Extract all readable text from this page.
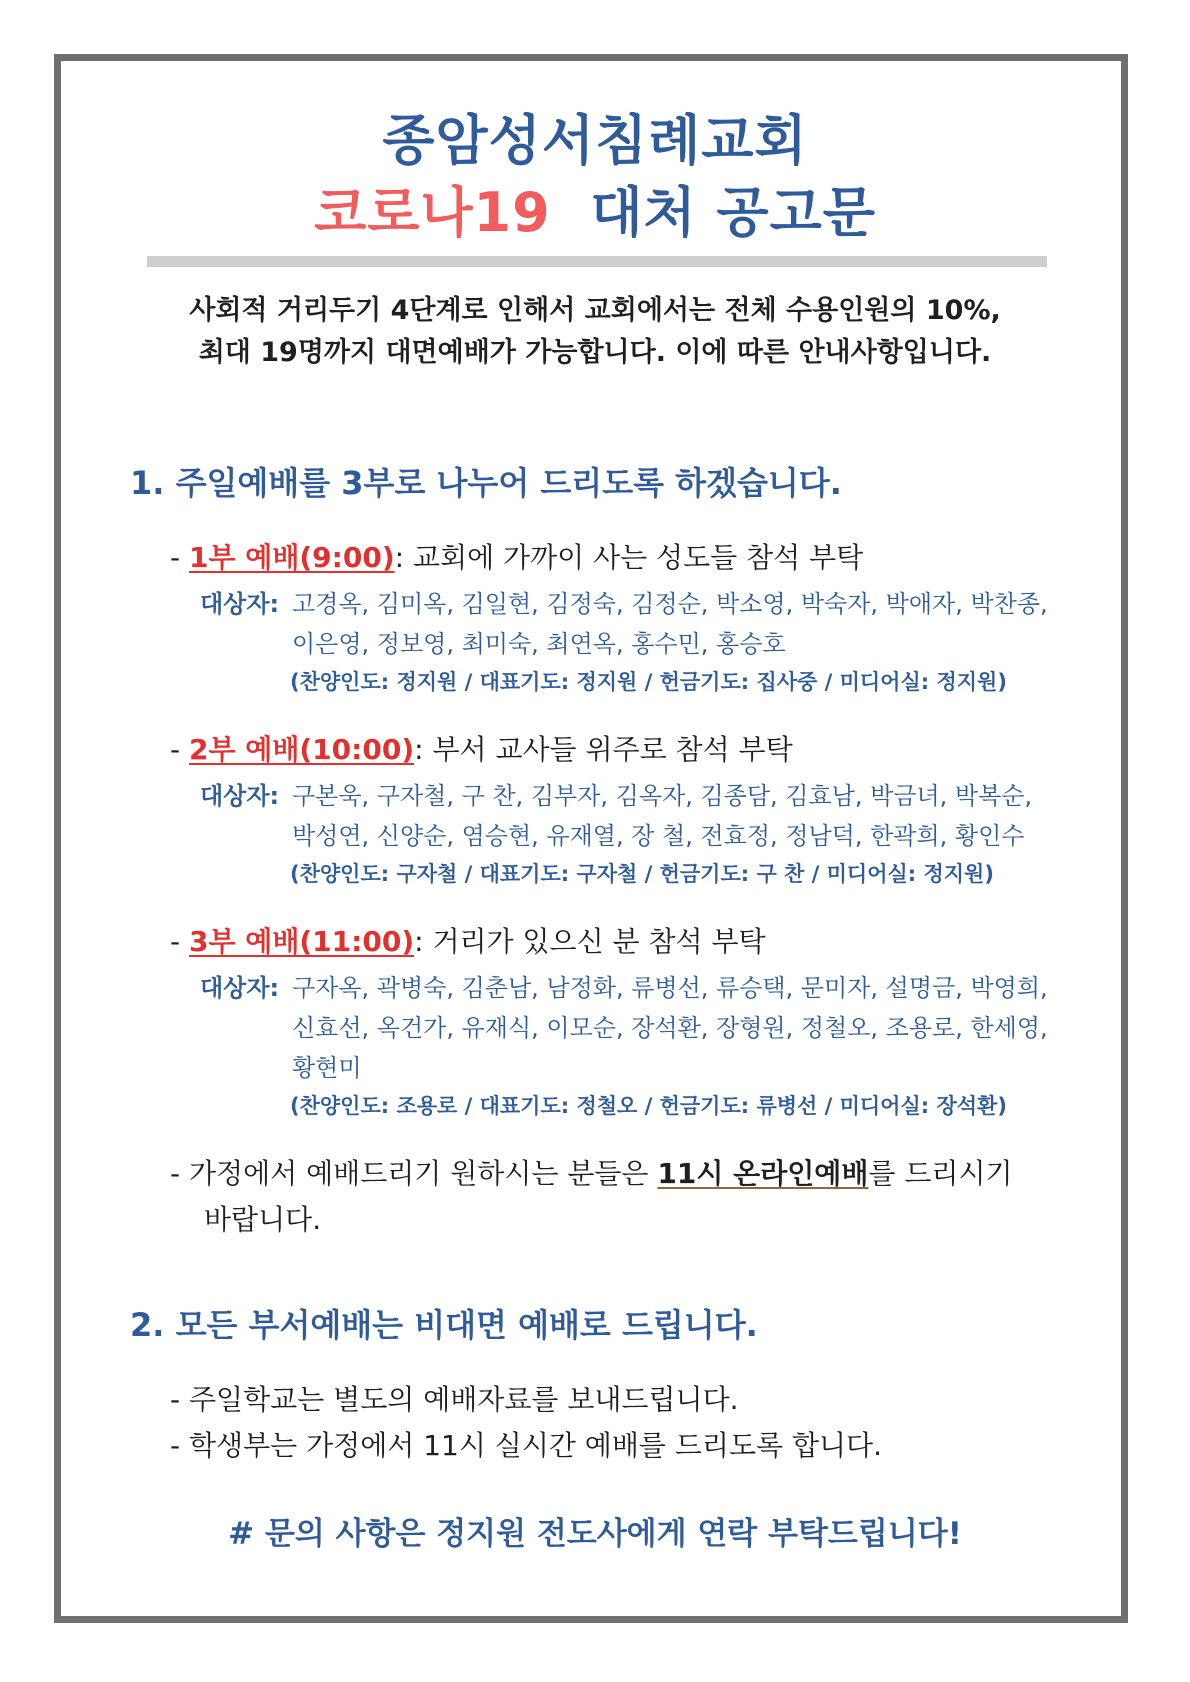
종암성서침례교회
코로나19 대처 공고문
사회적 거리두기 4단계로 인해서 교회에서는 전체 수용인원의 10%,
최대 19명까지 대면예배가 가능합니다. 이에 따른 안내사항입니다.
1. 주일예배를 3부로 나누어 드리도록 하겠습니다.
- 1부 예배(9:00): 교회에 가까이 사는 성도들 참석 부탁
대상자: 고경옥, 김미옥, 김일현, 김정숙, 김정순, 박소영, 박숙자, 박애자, 박찬종,
이은영, 정보영, 최미숙, 최연옥, 홍수민, 홍승호
(찬양인도: 정지원 / 대표기도: 정지원 / 헌금기도: 집사중 / 미디어실: 정지원)
- 2부 예배(10:00): 부서 교사들 위주로 참석 부탁
대상자: 구본욱, 구자철, 구 찬, 김부자, 김옥자, 김종담, 김효남, 박금녀, 박복순,
박성연, 신양순, 염승현, 유재열, 장 철, 전효정, 정남덕, 한곽희, 황인수
(찬양인도: 구자철 / 대표기도: 구자철 / 헌금기도: 구 찬 / 미디어실: 정지원)
- 3부 예배(11:00): 거리가 있으신 분 참석 부탁
대상자: 구자옥, 곽병숙, 김춘남, 남정화, 류병선, 류승택, 문미자, 설명금, 박영희,
신효선, 옥건가, 유재식, 이모순, 장석환, 장형원, 정철오, 조용로, 한세영,
황현미
(찬양인도: 조용로 / 대표기도: 정철오 / 헌금기도: 류병선 / 미디어실: 장석환)
- 가정에서 예배드리기 원하시는 분들은 11시 온라인예배를 드리시기
바랍니다.
2. 모든 부서예배는 비대면 예배로 드립니다.
- 주일학교는 별도의 예배자료를 보내드립니다.
- 학생부는 가정에서 11시 실시간 예배를 드리도록 합니다.
# 문의 사항은 정지원 전도사에게 연락 부탁드립니다!
